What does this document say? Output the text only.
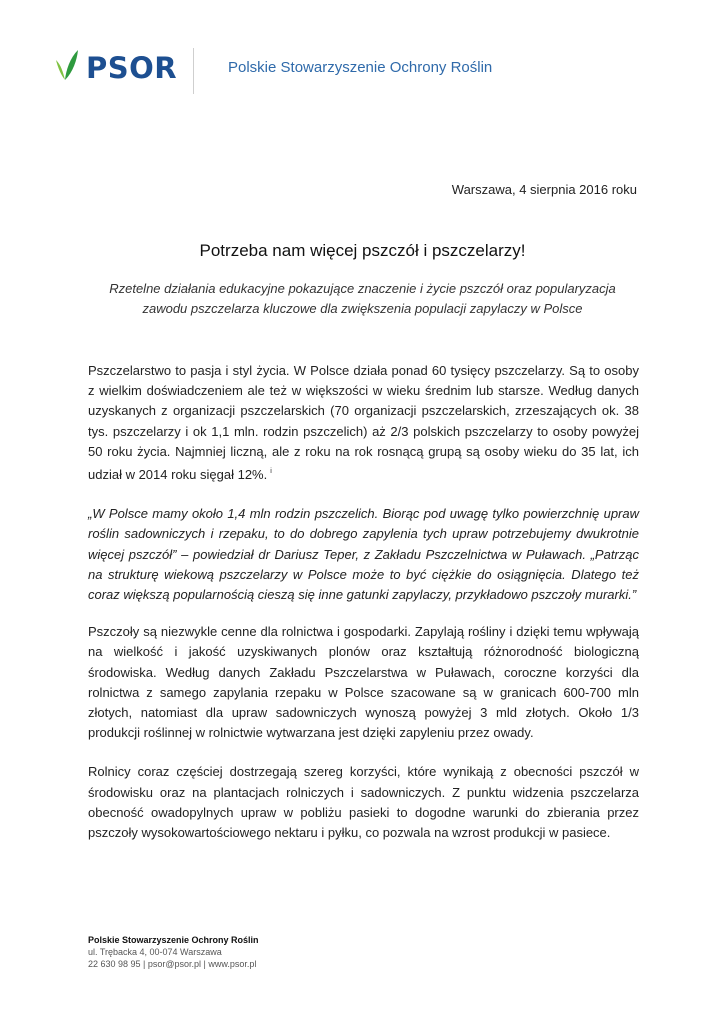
PSOR	Polskie Stowarzyszenie Ochrony Roślin
Warszawa, 4 sierpnia 2016 roku
Potrzeba nam więcej pszczół i pszczelarzy!
Rzetelne działania edukacyjne pokazujące znaczenie i życie pszczół oraz popularyzacja zawodu pszczelarza kluczowe dla zwiększenia populacji zapylaczy w Polsce

Pszczelarstwo to pasja i styl życia. W Polsce działa ponad 60 tysięcy pszczelarzy. Są to osoby z wielkim doświadczeniem ale też w większości w wieku średnim lub starsze. Według danych uzyskanych z organizacji pszczelarskich (70 organizacji pszczelarskich, zrzeszających ok. 38 tys. pszczelarzy i ok 1,1 mln. rodzin pszczelich) aż 2/3 polskich pszczelarzy to osoby powyżej 50 roku życia. Najmniej liczną, ale z roku na rok rosnącą grupą są osoby wieku do 35 lat, ich udział w 2014 roku sięgał 12%. $^i$

„W Polsce mamy około 1,4 mln rodzin pszczelich. Biorąc pod uwagę tylko powierzchnię upraw roślin sadowniczych i rzepaku, to do dobrego zapylenia tych upraw potrzebujemy dwukrotnie więcej pszczół” – powiedział dr Dariusz Teper, z Zakładu Pszczelnictwa w Puławach. „Patrząc na strukturę wiekową pszczelarzy w Polsce może to być ciężkie do osiągnięcia. Dlatego też coraz większą popularnością cieszą się inne gatunki zapylaczy, przykładowo pszczoły murarki.”

Pszczoły są niezwykle cenne dla rolnictwa i gospodarki. Zapylają rośliny i dzięki temu wpływają na wielkość i jakość uzyskiwanych plonów oraz kształtują różnorodność biologiczną środowiska. Według danych Zakładu Pszczelarstwa w Puławach, coroczne korzyści dla rolnictwa z samego zapylania rzepaku w Polsce szacowane są w granicach 600-700 mln złotych, natomiast dla upraw sadowniczych wynoszą powyżej 3 mld złotych. Około 1/3 produkcji roślinnej w rolnictwie wytwarzana jest dzięki zapyleniu przez owady.

Rolnicy coraz częściej dostrzegają szereg korzyści, które wynikają z obecności pszczół w środowisku oraz na plantacjach rolniczych i sadowniczych. Z punktu widzenia pszczelarza obecność owadopylnych upraw w pobliżu pasieki to dogodne warunki do zbierania przez pszczoły wysokowartościowego nektaru i pyłku, co pozwala na wzrost produkcji w pasiece.

Polskie Stowarzyszenie Ochrony Roślin
ul. Trębacka 4, 00-074 Warszawa
22 630 98 95 | psor@psor.pl | www.psor.pl
